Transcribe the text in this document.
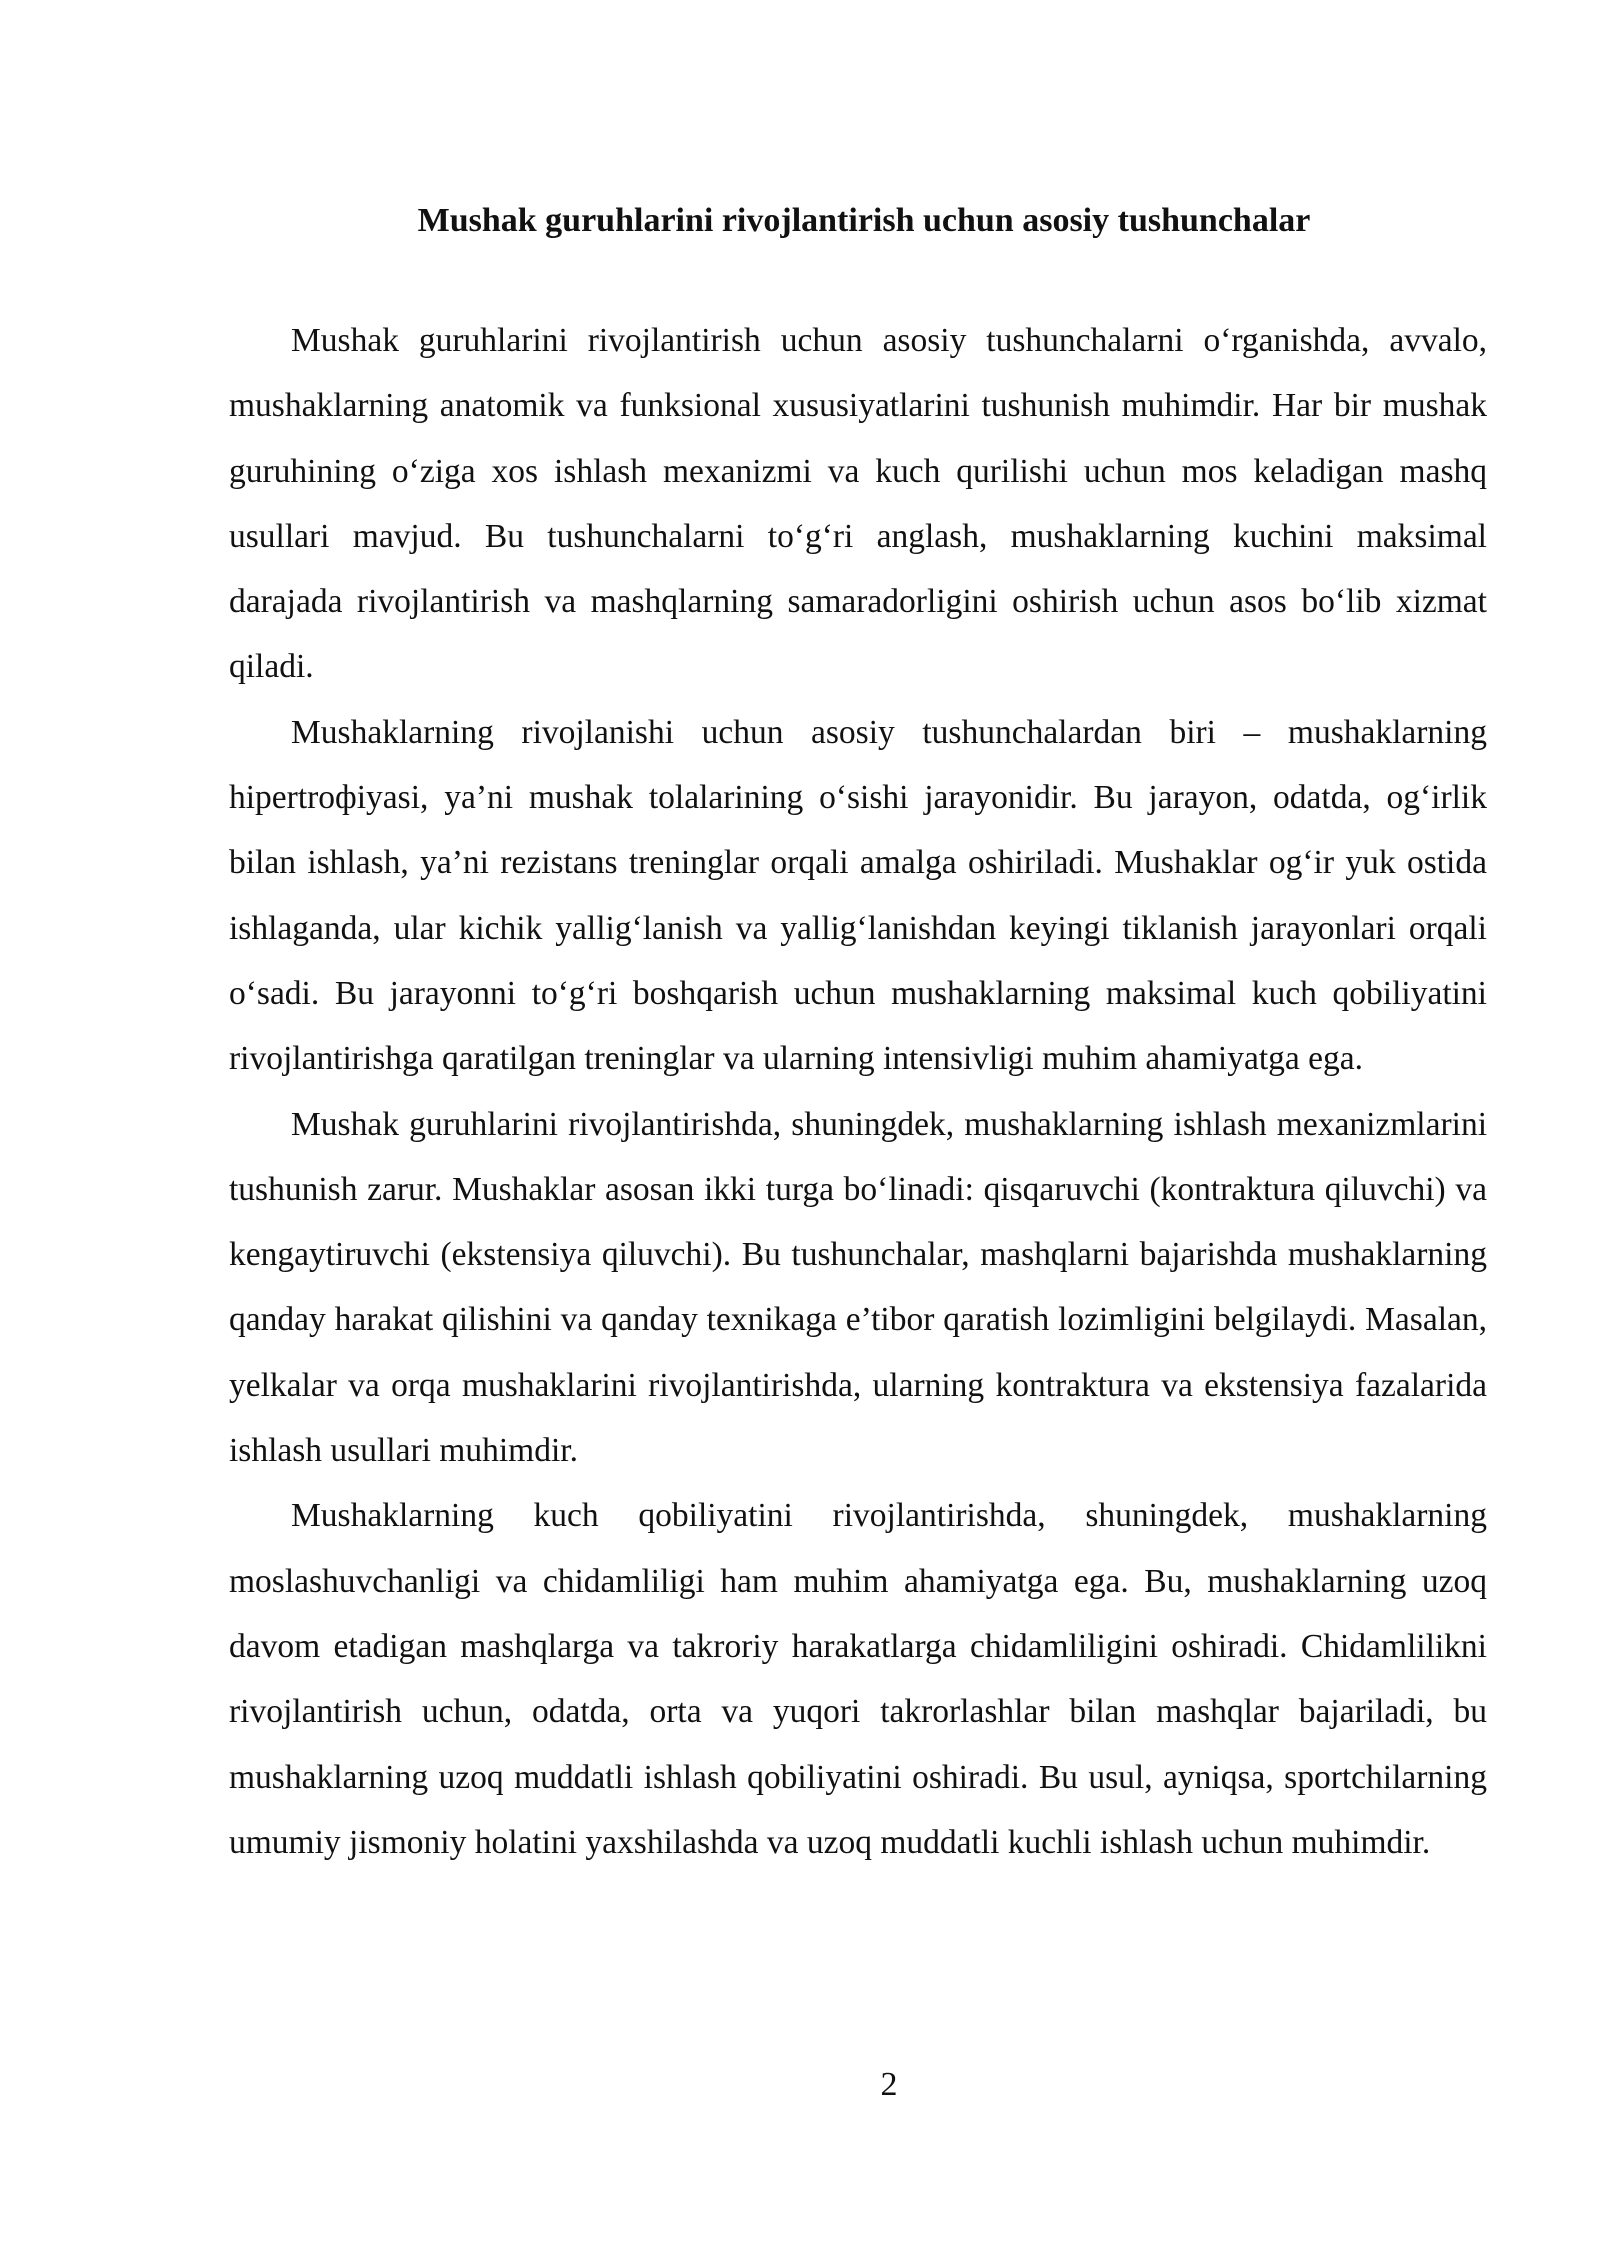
Mushak guruhlarini rivojlantirish uchun asosiy tushunchalar

Mushak guruhlarini rivojlantirish uchun asosiy tushunchalarni o‘rganishda, avvalo, mushaklarning anatomik va funksional xususiyatlarini tushunish muhimdir. Har bir mushak guruhining o‘ziga xos ishlash mexanizmi va kuch qurilishi uchun mos keladigan mashq usullari mavjud. Bu tushunchalarni to‘g‘ri anglash, mushaklarning kuchini maksimal darajada rivojlantirish va mashqlarning samaradorligini oshirish uchun asos bo‘lib xizmat qiladi.

Mushaklarning rivojlanishi uchun asosiy tushunchalardan biri – mushaklarning hipertroфiyasi, ya’ni mushak tolalarining o‘sishi jarayonidir. Bu jarayon, odatda, og‘irlik bilan ishlash, ya’ni rezistans treninglar orqali amalga oshiriladi. Mushaklar og‘ir yuk ostida ishlaganda, ular kichik yallig‘lanish va yallig‘lanishdan keyingi tiklanish jarayonlari orqali o‘sadi. Bu jarayonni to‘g‘ri boshqarish uchun mushaklarning maksimal kuch qobiliyatini rivojlantirishga qaratilgan treninglar va ularning intensivligi muhim ahamiyatga ega.

Mushak guruhlarini rivojlantirishda, shuningdek, mushaklarning ishlash mexanizmlarini tushunish zarur. Mushaklar asosan ikki turga bo‘linadi: qisqaruvchi (kontraktura qiluvchi) va kengaytiruvchi (ekstensiya qiluvchi). Bu tushunchalar, mashqlarni bajarishda mushaklarning qanday harakat qilishini va qanday texnikaga e’tibor qaratish lozimligini belgilaydi. Masalan, yelkalar va orqa mushaklarini rivojlantirishda, ularning kontraktura va ekstensiya fazalarida ishlash usullari muhimdir.

Mushaklarning kuch qobiliyatini rivojlantirishda, shuningdek, mushaklarning moslashuvchanligi va chidamliligi ham muhim ahamiyatga ega. Bu, mushaklarning uzoq davom etadigan mashqlarga va takroriy harakatlarga chidamliligini oshiradi. Chidamlilikni rivojlantirish uchun, odatda, orta va yuqori takrorlashlar bilan mashqlar bajariladi, bu mushaklarning uzoq muddatli ishlash qobiliyatini oshiradi. Bu usul, ayniqsa, sportchilarning umumiy jismoniy holatini yaxshilashda va uzoq muddatli kuchli ishlash uchun muhimdir.

2
